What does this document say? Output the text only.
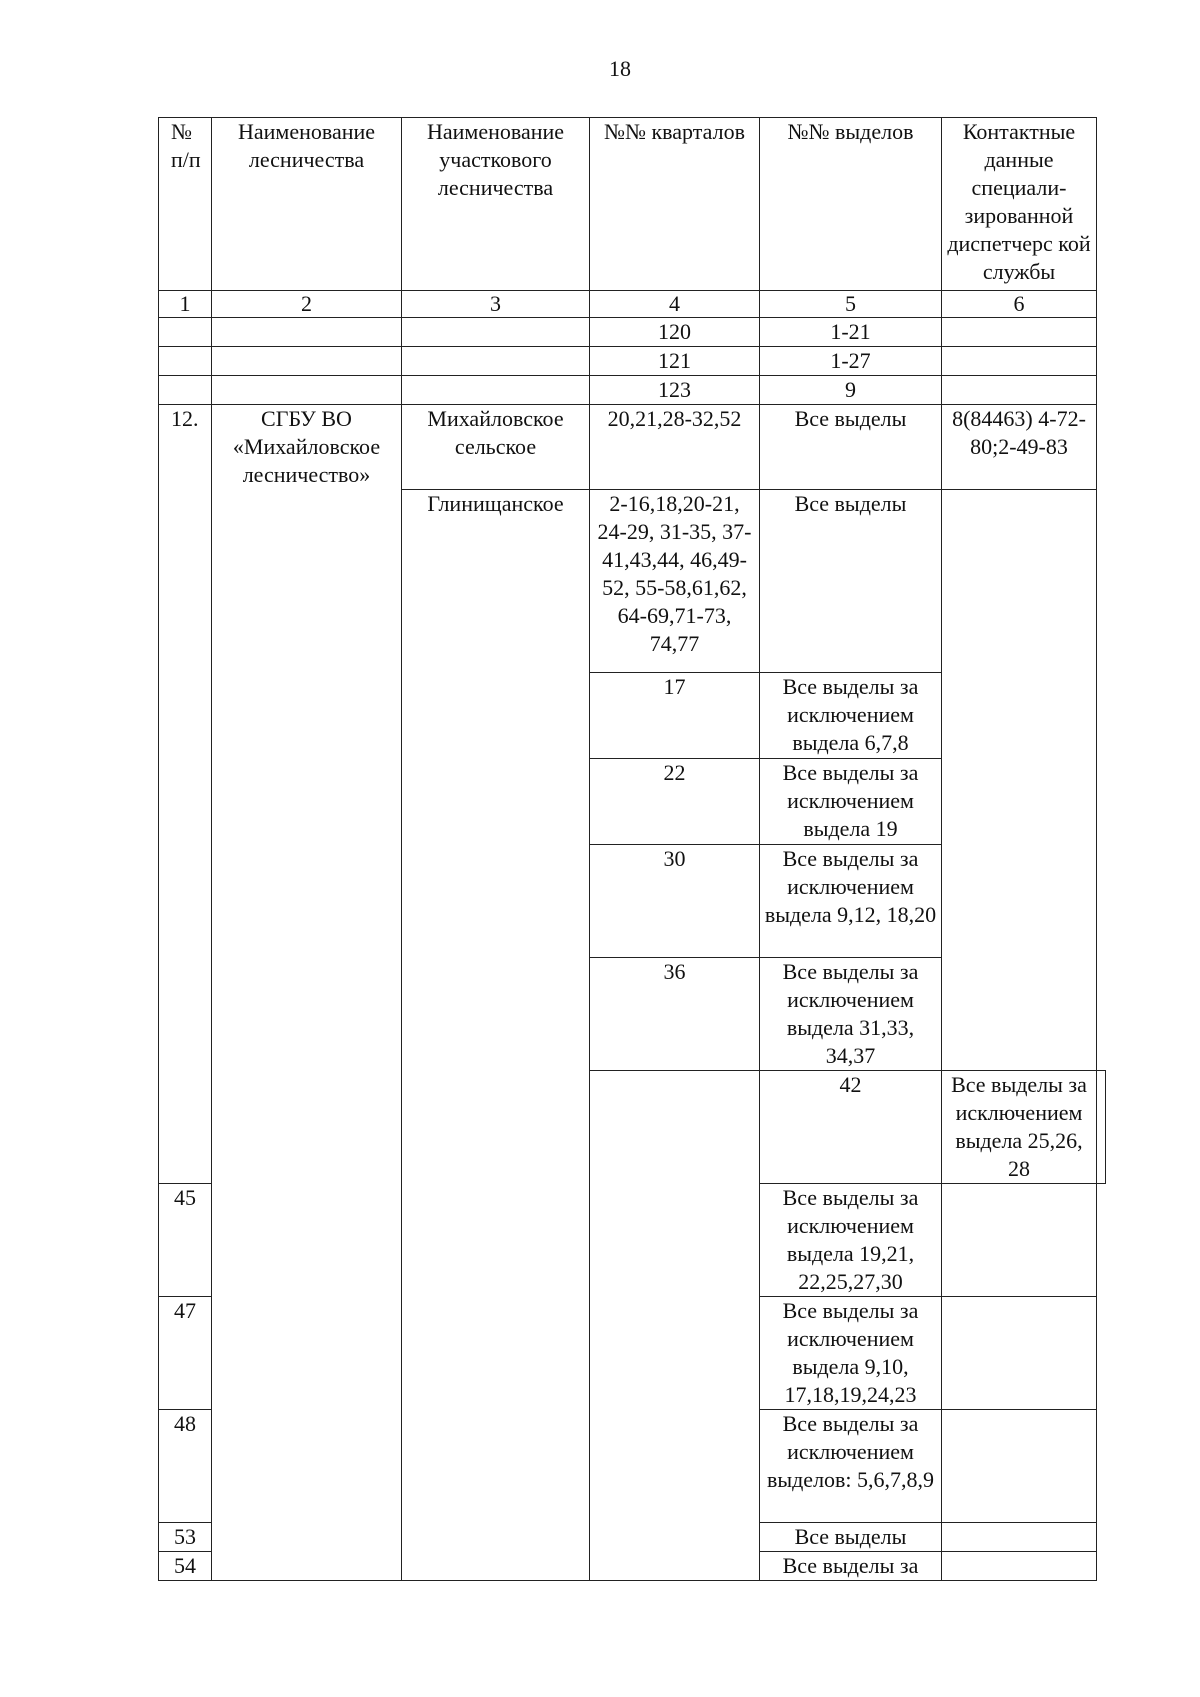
18
№ п/п	Наименование лесничества	Наименование участкового лесничества	№№ кварталов	№№ выделов	Контактные данные специали-зированной диспетчерс кой службы	
1	2	3	4	5	6	
			120	1-21		
			121	1-27		
			123	9		
12.	СГБУ ВО «Михайловское лесничество»	Михайловское сельское	20,21,28-32,52	Все выделы	8(84463) 4-72-80;2-49-83	
		Глинищанское	2-16,18,20-21, 24-29, 31-35, 37-41,43,44, 46,49-52, 55-58,61,62, 64-69,71-73, 74,77	Все выделы		
			17	Все выделы за исключением выдела 6,7,8		
			22	Все выделы за исключением выдела 19		
			30	Все выделы за исключением выдела 9,12, 18,20		
			36	Все выделы за исключением выдела 31,33, 34,37		
				42	Все выделы за исключением выдела 25,26, 28	
45				Все выделы за исключением выдела 19,21, 22,25,27,30		
47				Все выделы за исключением выдела 9,10, 17,18,19,24,23		
48				Все выделы за исключением выделов: 5,6,7,8,9		
53				Все выделы		
54				Все выделы за		
